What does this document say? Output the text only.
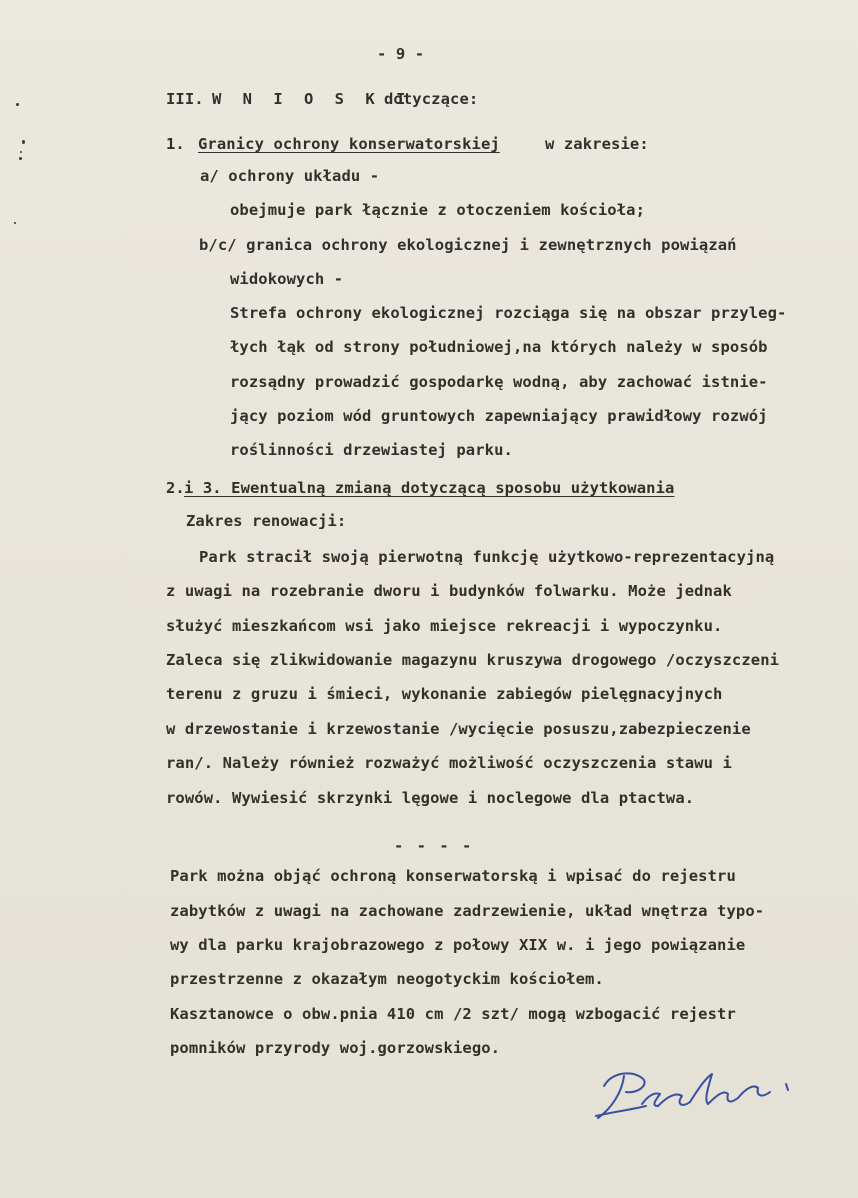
- 9 -
III. W N I O S K I
dotyczące:
1. Granicy ochrony konserwatorskiej	w zakresie:
a/ ochrony układu -
obejmuje park łącznie z otoczeniem kościoła;
b/c/ granica ochrony ekologicznej i zewnętrznych powiązań
widokowych -
Strefa ochrony ekologicznej rozciąga się na obszar przyleg-
łych łąk od strony południowej,na których należy w sposób
rozsądny prowadzić gospodarkę wodną, aby zachować istnie-
jący poziom wód gruntowych zapewniający prawidłowy rozwój
roślinności drzewiastej parku.
2. i 3. Ewentualną zmianą dotyczącą sposobu użytkowania
Zakres renowacji:
Park stracił swoją pierwotną funkcję użytkowo-reprezentacyjną
z uwagi na rozebranie dworu i budynków folwarku. Może jednak
służyć mieszkańcom wsi jako miejsce rekreacji i wypoczynku.
Zaleca się zlikwidowanie magazynu kruszywa drogowego /oczyszczeni
terenu z gruzu i śmieci, wykonanie zabiegów pielęgnacyjnych
w drzewostanie i krzewostanie /wycięcie posuszu,zabezpieczenie
ran/. Należy również rozważyć możliwość oczyszczenia stawu i
rowów. Wywiesić skrzynki lęgowe i noclegowe dla ptactwa.
- - - -
Park można objąć ochroną konserwatorską i wpisać do rejestru
zabytków z uwagi na zachowane zadrzewienie, układ wnętrza typo-
wy dla parku krajobrazowego z połowy XIX w. i jego powiązanie
przestrzenne z okazałym neogotyckim kościołem.
Kasztanowce o obw.pnia 410 cm /2 szt/ mogą wzbogacić rejestr
pomników przyrody woj.gorzowskiego.
